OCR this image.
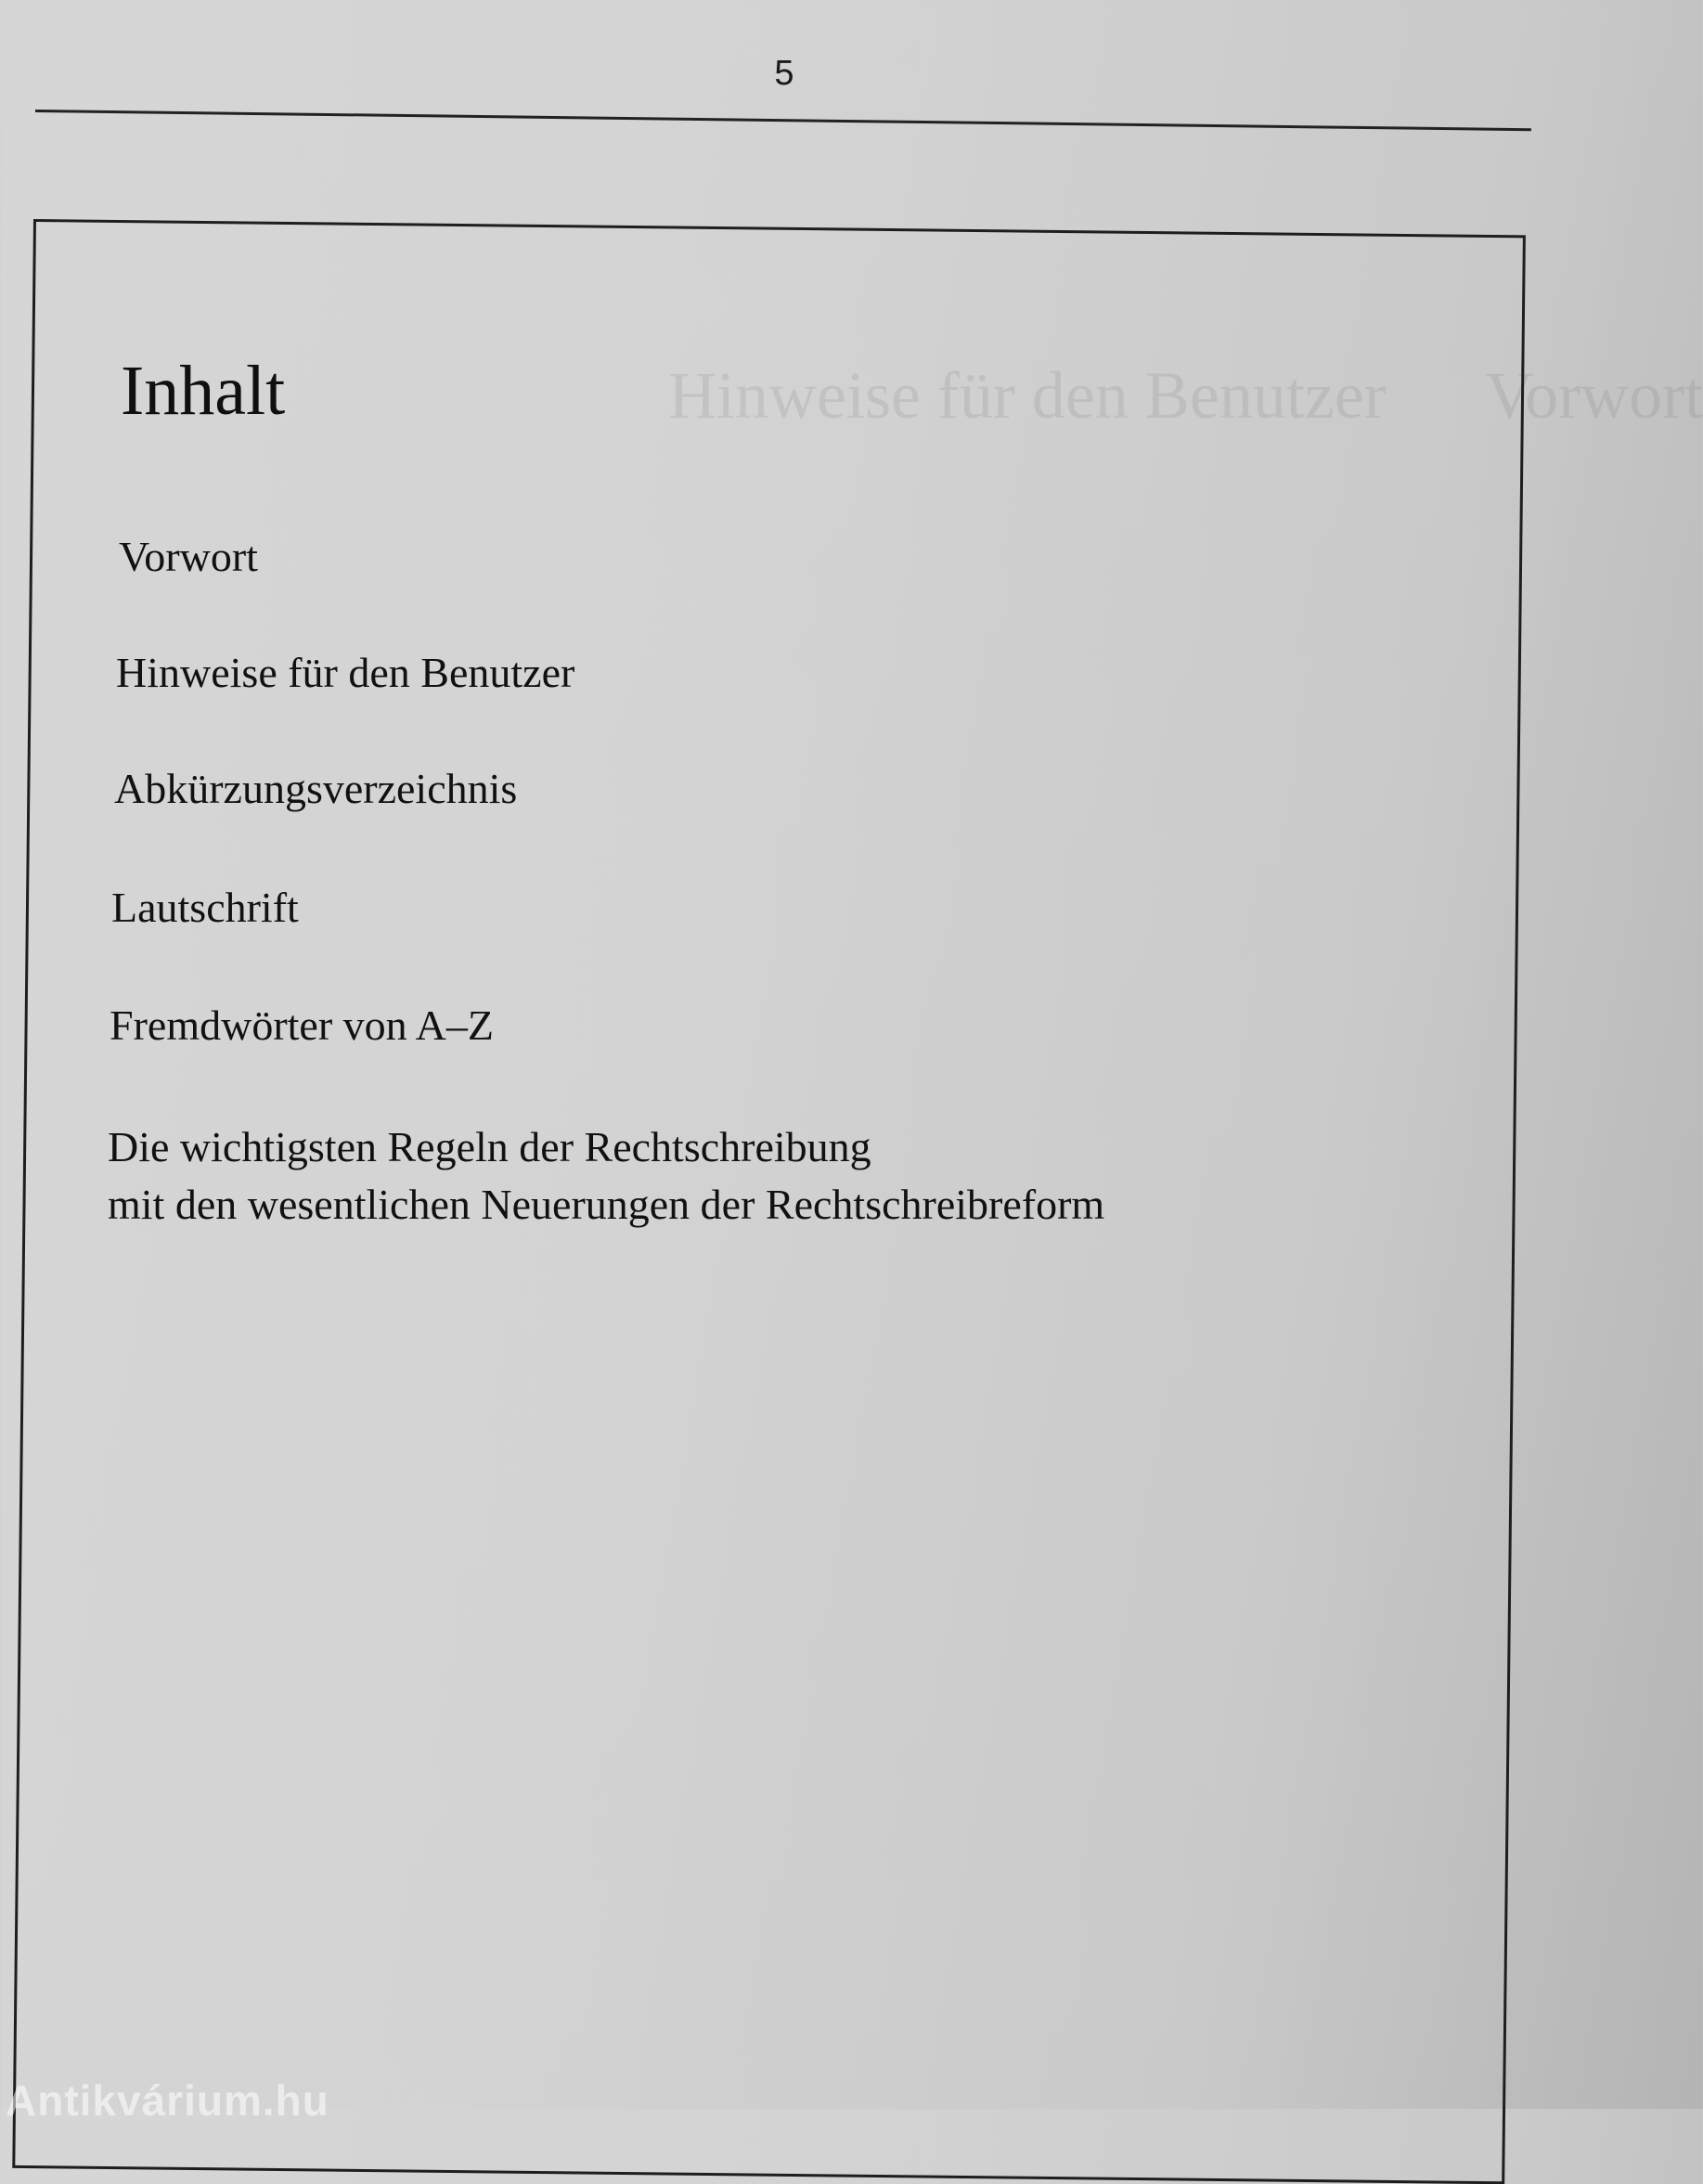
5
Hinweise für den Benutzer      Vorwort
Inhalt
Vorwort
Hinweise für den Benutzer
Abkürzungsverzeichnis
Lautschrift
Fremdwörter von A–Z
Die wichtigsten Regeln der Rechtschreibung
mit den wesentlichen Neuerungen der Rechtschreibreform
Antikvárium.hu
